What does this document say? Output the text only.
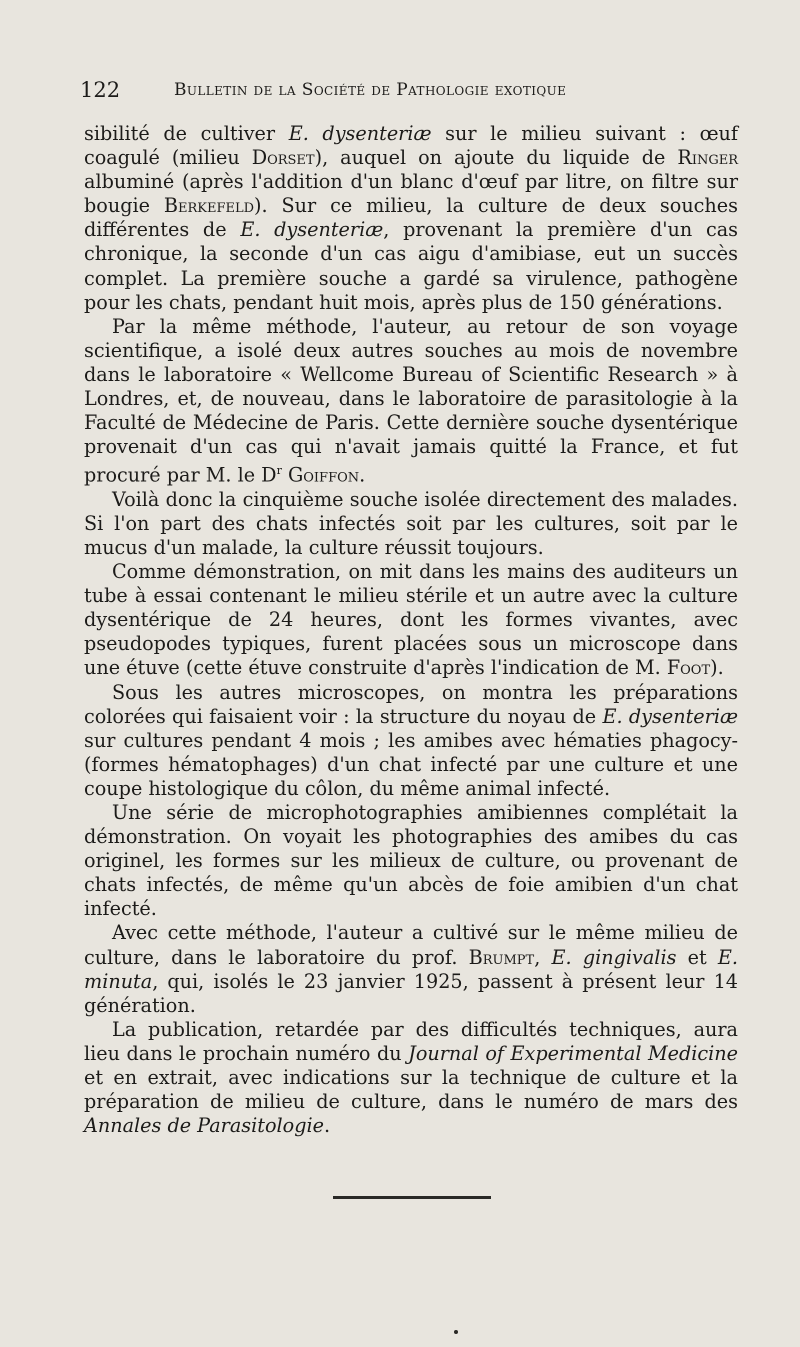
122	Bulletin de la Société de Pathologie exotique

sibilité de cultiver E. dysenteriæ sur le milieu suivant : œuf coagulé (milieu Dorset), auquel on ajoute du liquide de Ringer albuminé (après l'addition d'un blanc d'œuf par litre, on filtre sur bougie Berkefeld). Sur ce milieu, la culture de deux souches différentes de E. dysenteriæ, provenant la première d'un cas chronique, la seconde d'un cas aigu d'amibiase, eut un succès complet. La première souche a gardé sa virulence, pathogène pour les chats, pendant huit mois, après plus de 150 générations.

Par la même méthode, l'auteur, au retour de son voyage scientifique, a isolé deux autres souches au mois de novembre dans le laboratoire « Wellcome Bureau of Scientific Research » à Londres, et, de nouveau, dans le laboratoire de parasitologie à la Faculté de Médecine de Paris. Cette dernière souche dysentérique provenait d'un cas qui n'avait jamais quitté la France, et fut procuré par M. le $D^r$ Goiffon.

Voilà donc la cinquième souche isolée directement des malades. Si l'on part des chats infectés soit par les cultures, soit par le mucus d'un malade, la culture réussit toujours.

Comme démonstration, on mit dans les mains des auditeurs un tube à essai contenant le milieu stérile et un autre avec la culture dysentérique de 24 heures, dont les formes vivantes, avec pseudopodes typiques, furent placées sous un microscope dans une étuve (cette étuve construite d'après l'indication de M. Foot).

Sous les autres microscopes, on montra les préparations colorées qui faisaient voir : la structure du noyau de E. dysenteriæ sur cultures pendant 4 mois ; les amibes avec hématies phagocy- (formes hématophages) d'un chat infecté par une culture et une coupe histologique du côlon, du même animal infecté.

Une série de microphotographies amibiennes complétait la démonstration. On voyait les photographies des amibes du cas originel, les formes sur les milieux de culture, ou provenant de chats infectés, de même qu'un abcès de foie amibien d'un chat infecté.

Avec cette méthode, l'auteur a cultivé sur le même milieu de culture, dans le laboratoire du prof. Brumpt, E. gingivalis et E. minuta, qui, isolés le 23 janvier 1925, passent à présent leur 14 génération.

La publication, retardée par des difficultés techniques, aura lieu dans le prochain numéro du Journal of Experimental Medicine et en extrait, avec indications sur la technique de culture et la préparation de milieu de culture, dans le numéro de mars des Annales de Parasitologie.
